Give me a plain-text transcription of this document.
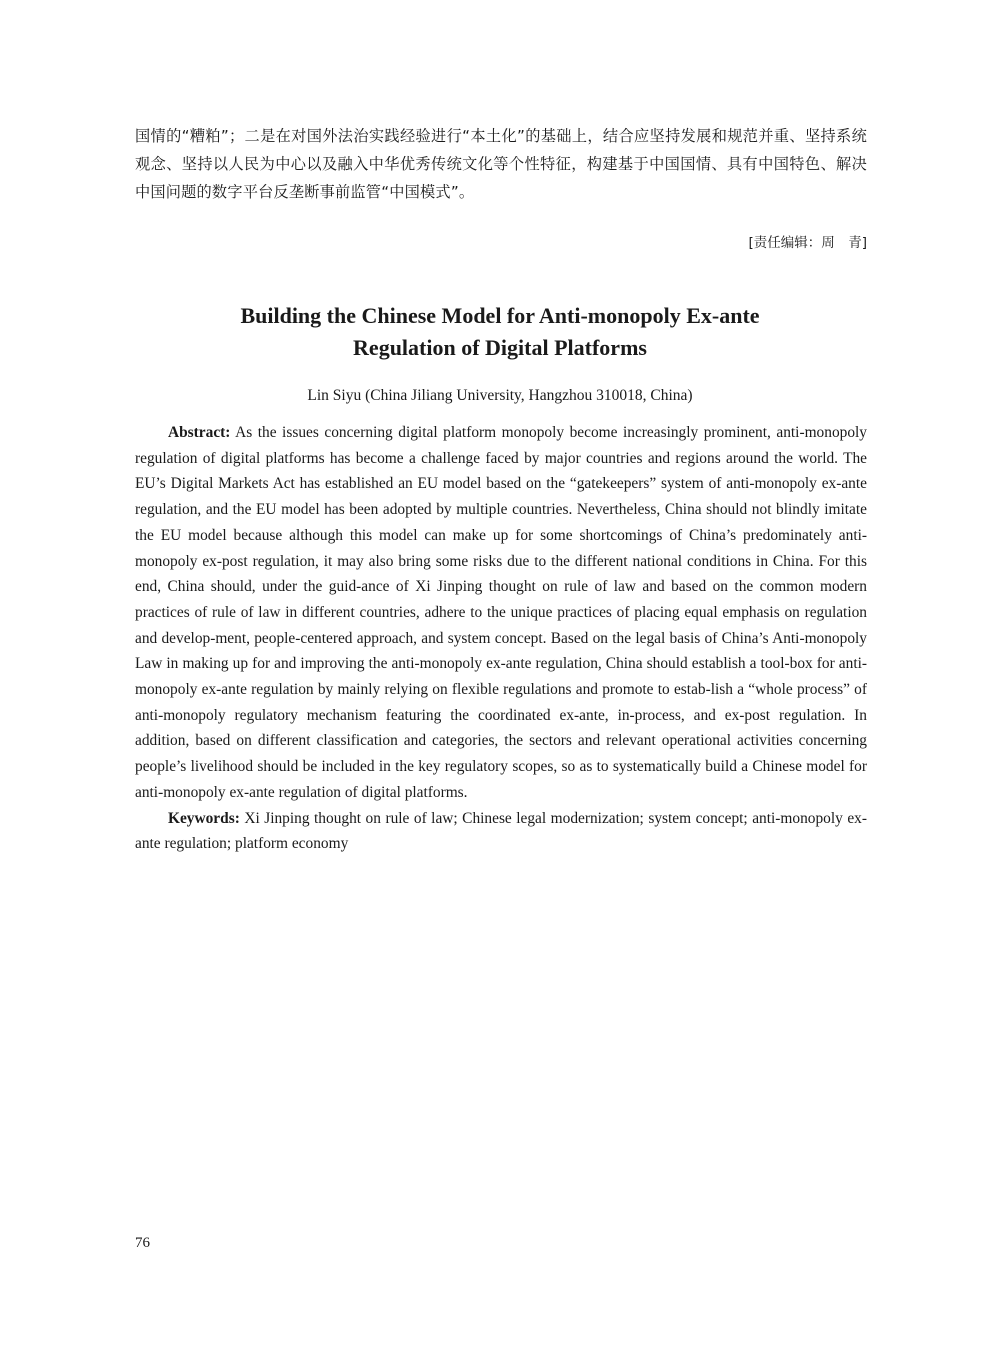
国情的“糟粕”；二是在对国外法治实践经验进行“本土化”的基础上，结合应坚持发展和规范并重、坚持系统观念、坚持以人民为中心以及融入中华优秀传统文化等个性特征，构建基于中国国情、具有中国特色、解决中国问题的数字平台反垄断事前监管“中国模式”。
[责任编辑：周　青]
Building the Chinese Model for Anti-monopoly Ex-ante
Regulation of Digital Platforms
Lin Siyu (China Jiliang University, Hangzhou 310018, China)

Abstract: As the issues concerning digital platform monopoly become increasingly prominent, anti-monopoly regulation of digital platforms has become a challenge faced by major countries and regions around the world. The EU’s Digital Markets Act has established an EU model based on the “gatekeepers” system of anti-monopoly ex-ante regulation, and the EU model has been adopted by multiple countries. Nevertheless, China should not blindly imitate the EU model because although this model can make up for some shortcomings of China’s predominately anti-monopoly ex-post regulation, it may also bring some risks due to the different national conditions in China. For this end, China should, under the guid-ance of Xi Jinping thought on rule of law and based on the common modern practices of rule of law in different countries, adhere to the unique practices of placing equal emphasis on regulation and develop-ment, people-centered approach, and system concept. Based on the legal basis of China’s Anti-monopoly Law in making up for and improving the anti-monopoly ex-ante regulation, China should establish a tool-box for anti-monopoly ex-ante regulation by mainly relying on flexible regulations and promote to estab-lish a “whole process” of anti-monopoly regulatory mechanism featuring the coordinated ex-ante, in-process, and ex-post regulation. In addition, based on different classification and categories, the sectors and relevant operational activities concerning people’s livelihood should be included in the key regulatory scopes, so as to systematically build a Chinese model for anti-monopoly ex-ante regulation of digital platforms.

Keywords: Xi Jinping thought on rule of law; Chinese legal modernization; system concept; anti-monopoly ex-ante regulation; platform economy

76
